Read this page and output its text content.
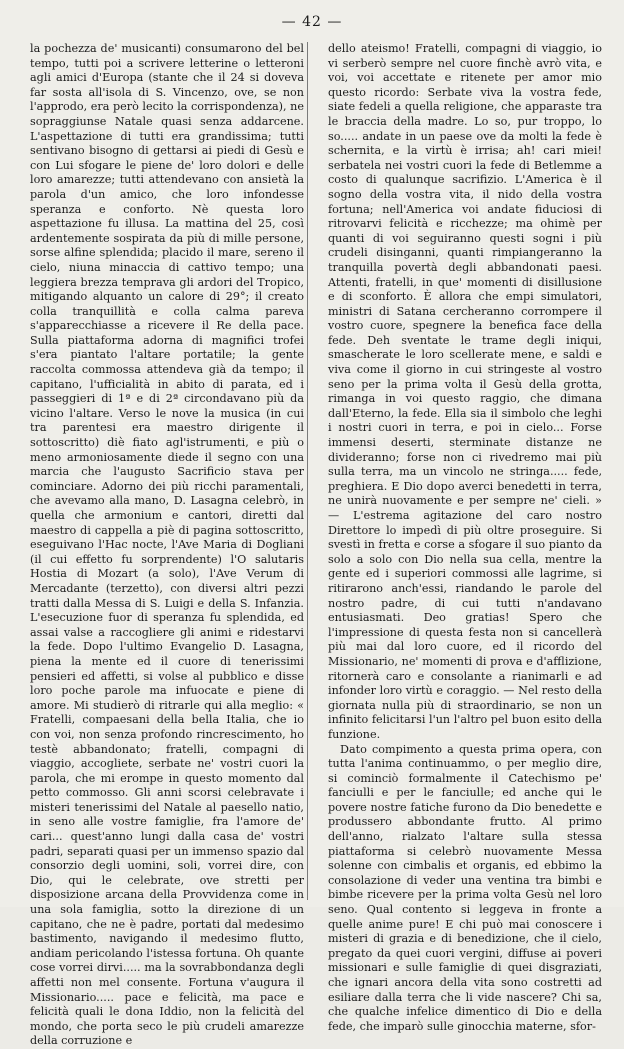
— 42 —

la pochezza de' musicanti) consumarono del bel tempo, tutti poi a scrivere letterine o letteroni agli amici d'Europa (stante che il 24 si doveva far sosta all'isola di S. Vincenzo, ove, se non l'approdo, era però lecito la corrispondenza), ne sopraggiunse Natale quasi senza addarcene. L'aspettazione di tutti era grandissima; tutti sentivano bisogno di gettarsi ai piedi di Gesù e con Lui sfogare le piene de' loro dolori e delle loro amarezze; tutti attendevano con ansietà la parola d'un amico, che loro infondesse speranza e conforto. Nè questa loro aspettazione fu illusa. La mattina del 25, così ardentemente sospirata da più di mille persone, sorse alfine splendida; placido il mare, sereno il cielo, niuna minaccia di cattivo tempo; una leggiera brezza temprava gli ardori del Tropico, mitigando alquanto un calore di 29°; il creato colla tranquillità e colla calma pareva s'apparecchiasse a ricevere il Re della pace. Sulla piattaforma adorna di magnifici trofei s'era piantato l'altare portatile; la gente raccolta commossa attendeva già da tempo; il capitano, l'ufficialità in abito di parata, ed i passeggieri di 1ª e di 2ª circondavano più da vicino l'altare. Verso le nove la musica (in cui tra parentesi era maestro dirigente il sottoscritto) diè fiato agl'istrumenti, e più o meno armoniosamente diede il segno con una marcia che l'augusto Sacrificio stava per cominciare. Adorno dei più ricchi paramentali, che avevamo alla mano, D. Lasagna celebrò, in quella che armonium e cantori, diretti dal maestro di cappella a piè di pagina sottoscritto, eseguivano l'Hac nocte, l'Ave Maria di Dogliani (il cui effetto fu sorprendente) l'O salutaris Hostia di Mozart (a solo), l'Ave Verum di Mercadante (terzetto), con diversi altri pezzi tratti dalla Messa di S. Luigi e della S. Infanzia. L'esecuzione fuor di speranza fu splendida, ed assai valse a raccogliere gli animi e ridestarvi la fede. Dopo l'ultimo Evangelio D. Lasagna, piena la mente ed il cuore di tenerissimi pensieri ed affetti, si volse al pubblico e disse loro poche parole ma infuocate e piene di amore. Mi studierò di ritrarle qui alla meglio: « Fratelli, compaesani della bella Italia, che io con voi, non senza profondo rincrescimento, ho testè abbandonato; fratelli, compagni di viaggio, accogliete, serbate ne' vostri cuori la parola, che mi erompe in questo momento dal petto commosso. Gli anni scorsi celebravate i misteri tenerissimi del Natale al paesello natio, in seno alle vostre famiglie, fra l'amore de' cari... quest'anno lungi dalla casa de' vostri padri, separati quasi per un immenso spazio dal consorzio degli uomini, soli, vorrei dire, con Dio, qui le celebrate, ove stretti per disposizione arcana della Provvidenza come in una sola famiglia, sotto la direzione di un capitano, che ne è padre, portati dal medesimo bastimento, navigando il medesimo flutto, andiam pericolando l'istessa fortuna. Oh quante cose vorrei dirvi..... ma la sovrabbondanza degli affetti non mel consente. Fortuna v'augura il Missionario..... pace e felicità, ma pace e felicità quali le dona Iddio, non la felicità del mondo, che porta seco le più crudeli amarezze della corruzione e

dello ateismo! Fratelli, compagni di viaggio, io vi serberò sempre nel cuore finchè avrò vita, e voi, voi accettate e ritenete per amor mio questo ricordo: Serbate viva la vostra fede, siate fedeli a quella religione, che apparaste tra le braccia della madre. Lo so, pur troppo, lo so..... andate in un paese ove da molti la fede è schernita, e la virtù è irrisa; ah! cari miei! serbatela nei vostri cuori la fede di Betlemme a costo di qualunque sacrifizio. L'America è il sogno della vostra vita, il nido della vostra fortuna; nell'America voi andate fiduciosi di ritrovarvi felicità e ricchezze; ma ohimè per quanti di voi seguiranno questi sogni i più crudeli disinganni, quanti rimpiangeranno la tranquilla povertà degli abbandonati paesi. Attenti, fratelli, in que' momenti di disillusione e di sconforto. È allora che empi simulatori, ministri di Satana cercheranno corrompere il vostro cuore, spegnere la benefica face della fede. Deh sventate le trame degli iniqui, smascherate le loro scellerate mene, e saldi e viva come il giorno in cui stringeste al vostro seno per la prima volta il Gesù della grotta, rimanga in voi questo raggio, che dimana dall'Eterno, la fede. Ella sia il simbolo che leghi i nostri cuori in terra, e poi in cielo... Forse immensi deserti, sterminate distanze ne divideranno; forse non ci rivedremo mai più sulla terra, ma un vincolo ne stringa..... fede, preghiera. E Dio dopo averci benedetti in terra, ne unirà nuovamente e per sempre ne' cieli. » — L'estrema agitazione del caro nostro Direttore lo impedì di più oltre proseguire. Si svestì in fretta e corse a sfogare il suo pianto da solo a solo con Dio nella sua cella, mentre la gente ed i superiori commossi alle lagrime, si ritirarono anch'essi, riandando le parole del nostro padre, di cui tutti n'andavano entusiasmati. Deo gratias! Spero che l'impressione di questa festa non si cancellerà più mai dal loro cuore, ed il ricordo del Missionario, ne' momenti di prova e d'afflizione, ritornerà caro e consolante a rianimarli e ad infonder loro virtù e coraggio. — Nel resto della giornata nulla più di straordinario, se non un infinito felicitarsi l'un l'altro pel buon esito della funzione.

Dato compimento a questa prima opera, con tutta l'anima continuammo, o per meglio dire, si cominciò formalmente il Catechismo pe' fanciulli e per le fanciulle; ed anche qui le povere nostre fatiche furono da Dio benedette e produssero abbondante frutto. Al primo dell'anno, rialzato l'altare sulla stessa piattaforma si celebrò nuovamente Messa solenne con cimbalis et organis, ed ebbimo la consolazione di veder una ventina tra bimbi e bimbe ricevere per la prima volta Gesù nel loro seno. Qual contento si leggeva in fronte a quelle anime pure! E chi può mai conoscere i misteri di grazia e di benedizione, che il cielo, pregato da quei cuori vergini, diffuse ai poveri missionari e sulle famiglie di quei disgraziati, che ignari ancora della vita sono costretti ad esiliare dalla terra che li vide nascere? Chi sa, che qualche infelice dimentico di Dio e della fede, che imparò sulle ginocchia materne, sfor-
